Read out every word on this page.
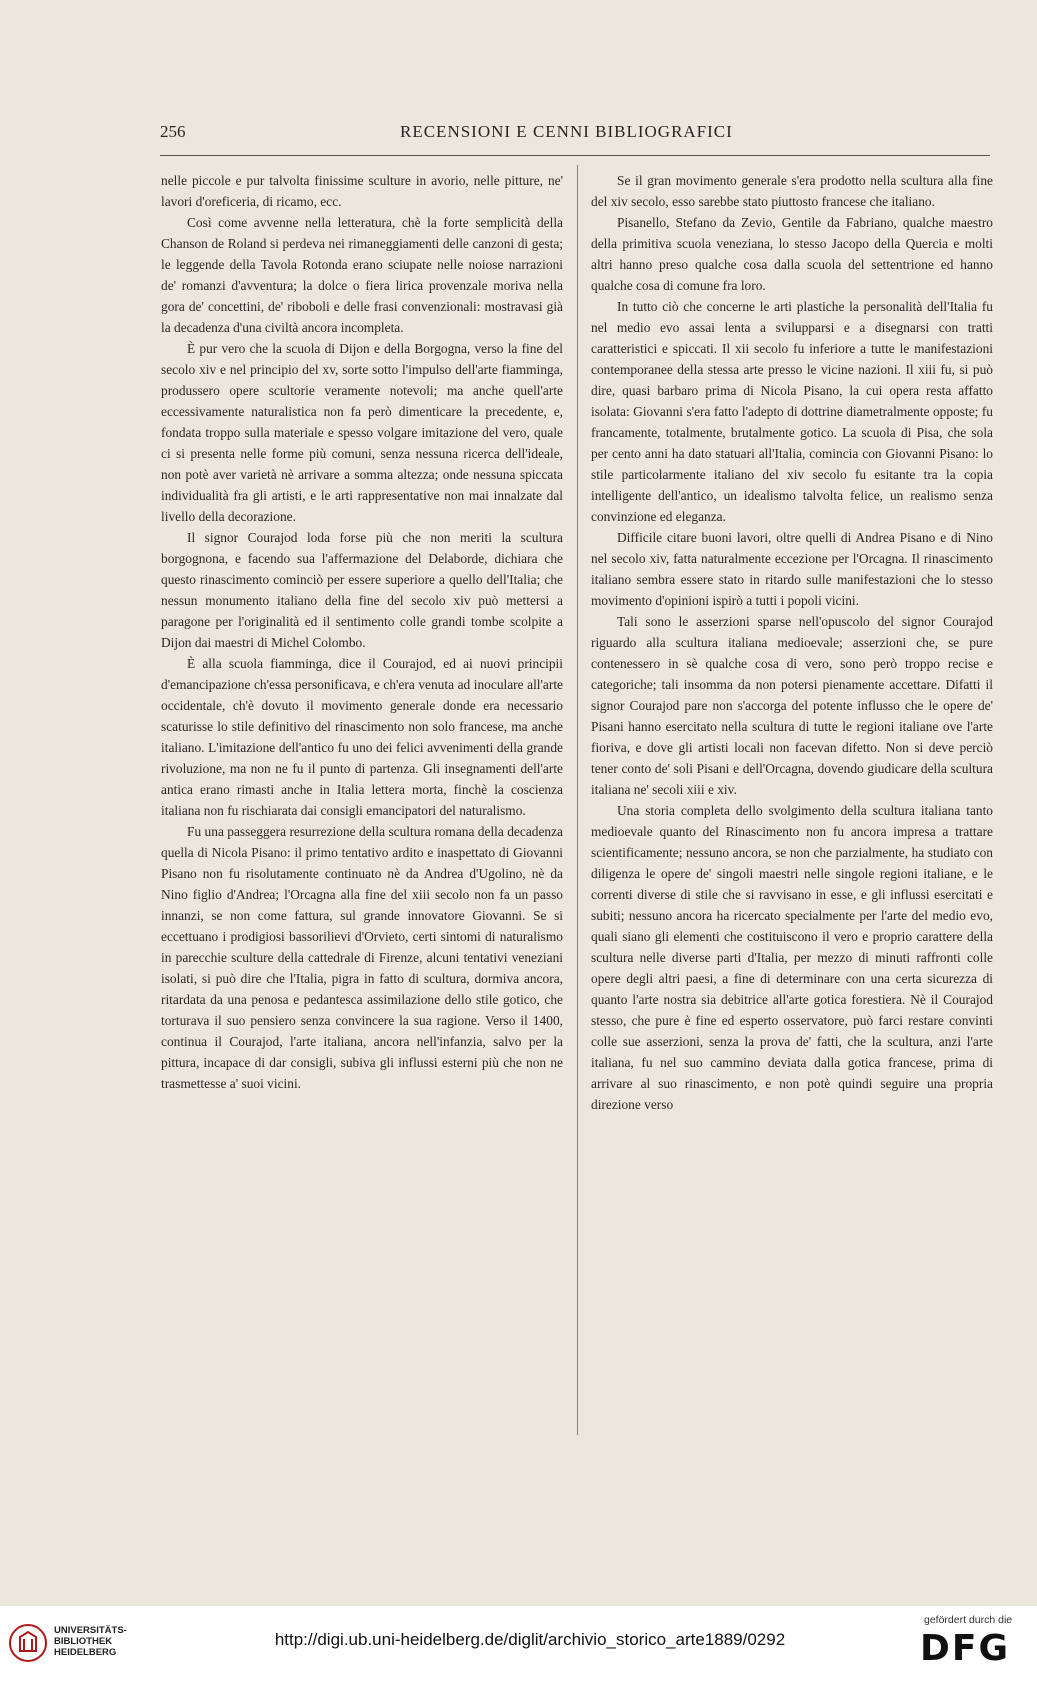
256	RECENSIONI E CENNI BIBLIOGRAFICI

nelle piccole e pur talvolta finissime sculture in avorio, nelle pitture, ne' lavori d'oreficeria, di ricamo, ecc.

Così come avvenne nella letteratura, chè la forte semplicità della Chanson de Roland si perdeva nei rimaneggiamenti delle canzoni di gesta; le leggende della Tavola Rotonda erano sciupate nelle noiose narrazioni de' romanzi d'avventura; la dolce o fiera lirica provenzale moriva nella gora de' concettini, de' riboboli e delle frasi convenzionali: mostravasi già la decadenza d'una civiltà ancora incompleta.

È pur vero che la scuola di Dijon e della Borgogna, verso la fine del secolo xiv e nel principio del xv, sorte sotto l'impulso dell'arte fiamminga, produssero opere scultorie veramente notevoli; ma anche quell'arte eccessivamente naturalistica non fa però dimenticare la precedente, e, fondata troppo sulla materiale e spesso volgare imitazione del vero, quale ci si presenta nelle forme più comuni, senza nessuna ricerca dell'ideale, non potè aver varietà nè arrivare a somma altezza; onde nessuna spiccata individualità fra gli artisti, e le arti rappresentative non mai innalzate dal livello della decorazione.

Il signor Courajod loda forse più che non meriti la scultura borgognona, e facendo sua l'affermazione del Delaborde, dichiara che questo rinascimento cominciò per essere superiore a quello dell'Italia; che nessun monumento italiano della fine del secolo xiv può mettersi a paragone per l'originalità ed il sentimento colle grandi tombe scolpite a Dijon dai maestri di Michel Colombo.

È alla scuola fiamminga, dice il Courajod, ed ai nuovi principii d'emancipazione ch'essa personificava, e ch'era venuta ad inoculare all'arte occidentale, ch'è dovuto il movimento generale donde era necessario scaturisse lo stile definitivo del rinascimento non solo francese, ma anche italiano. L'imitazione dell'antico fu uno dei felici avvenimenti della grande rivoluzione, ma non ne fu il punto di partenza. Gli insegnamenti dell'arte antica erano rimasti anche in Italia lettera morta, finchè la coscienza italiana non fu rischiarata dai consigli emancipatori del naturalismo.

Fu una passeggera resurrezione della scultura romana della decadenza quella di Nicola Pisano: il primo tentativo ardito e inaspettato di Giovanni Pisano non fu risolutamente continuato nè da Andrea d'Ugolino, nè da Nino figlio d'Andrea; l'Orcagna alla fine del xiii secolo non fa un passo innanzi, se non come fattura, sul grande innovatore Giovanni. Se si eccettuano i prodigiosi bassorilievi d'Orvieto, certi sintomi di naturalismo in parecchie sculture della cattedrale di Firenze, alcuni tentativi veneziani isolati, si può dire che l'Italia, pigra in fatto di scultura, dormiva ancora, ritardata da una penosa e pedantesca assimilazione dello stile gotico, che torturava il suo pensiero senza convincere la sua ragione. Verso il 1400, continua il Courajod, l'arte italiana, ancora nell'infanzia, salvo per la pittura, incapace di dar consigli, subiva gli influssi esterni più che non ne trasmettesse a' suoi vicini.

Se il gran movimento generale s'era prodotto nella scultura alla fine del xiv secolo, esso sarebbe stato piuttosto francese che italiano.

Pisanello, Stefano da Zevio, Gentile da Fabriano, qualche maestro della primitiva scuola veneziana, lo stesso Jacopo della Quercia e molti altri hanno preso qualche cosa dalla scuola del settentrione ed hanno qualche cosa di comune fra loro.

In tutto ciò che concerne le arti plastiche la personalità dell'Italia fu nel medio evo assai lenta a svilupparsi e a disegnarsi con tratti caratteristici e spiccati. Il xii secolo fu inferiore a tutte le manifestazioni contemporanee della stessa arte presso le vicine nazioni. Il xiii fu, si può dire, quasi barbaro prima di Nicola Pisano, la cui opera resta affatto isolata: Giovanni s'era fatto l'adepto di dottrine diametralmente opposte; fu francamente, totalmente, brutalmente gotico. La scuola di Pisa, che sola per cento anni ha dato statuari all'Italia, comincia con Giovanni Pisano: lo stile particolarmente italiano del xiv secolo fu esitante tra la copia intelligente dell'antico, un idealismo talvolta felice, un realismo senza convinzione ed eleganza.

Difficile citare buoni lavori, oltre quelli di Andrea Pisano e di Nino nel secolo xiv, fatta naturalmente eccezione per l'Orcagna. Il rinascimento italiano sembra essere stato in ritardo sulle manifestazioni che lo stesso movimento d'opinioni ispirò a tutti i popoli vicini.

Tali sono le asserzioni sparse nell'opuscolo del signor Courajod riguardo alla scultura italiana medioevale; asserzioni che, se pure contenessero in sè qualche cosa di vero, sono però troppo recise e categoriche; tali insomma da non potersi pienamente accettare. Difatti il signor Courajod pare non s'accorga del potente influsso che le opere de' Pisani hanno esercitato nella scultura di tutte le regioni italiane ove l'arte fioriva, e dove gli artisti locali non facevan difetto. Non si deve perciò tener conto de' soli Pisani e dell'Orcagna, dovendo giudicare della scultura italiana ne' secoli xiii e xiv.

Una storia completa dello svolgimento della scultura italiana tanto medioevale quanto del Rinascimento non fu ancora impresa a trattare scientificamente; nessuno ancora, se non che parzialmente, ha studiato con diligenza le opere de' singoli maestri nelle singole regioni italiane, e le correnti diverse di stile che si ravvisano in esse, e gli influssi esercitati e subiti; nessuno ancora ha ricercato specialmente per l'arte del medio evo, quali siano gli elementi che costituiscono il vero e proprio carattere della scultura nelle diverse parti d'Italia, per mezzo di minuti raffronti colle opere degli altri paesi, a fine di determinare con una certa sicurezza di quanto l'arte nostra sia debitrice all'arte gotica forestiera. Nè il Courajod stesso, che pure è fine ed esperto osservatore, può farci restare convinti colle sue asserzioni, senza la prova de' fatti, che la scultura, anzi l'arte italiana, fu nel suo cammino deviata dalla gotica francese, prima di arrivare al suo rinascimento, e non potè quindi seguire una propria direzione verso

UNIVERSITÄTS-
BIBLIOTHEK
HEIDELBERG
http://digi.ub.uni-heidelberg.de/diglit/archivio_storico_arte1889/0292
gefördert durch die
DFG
